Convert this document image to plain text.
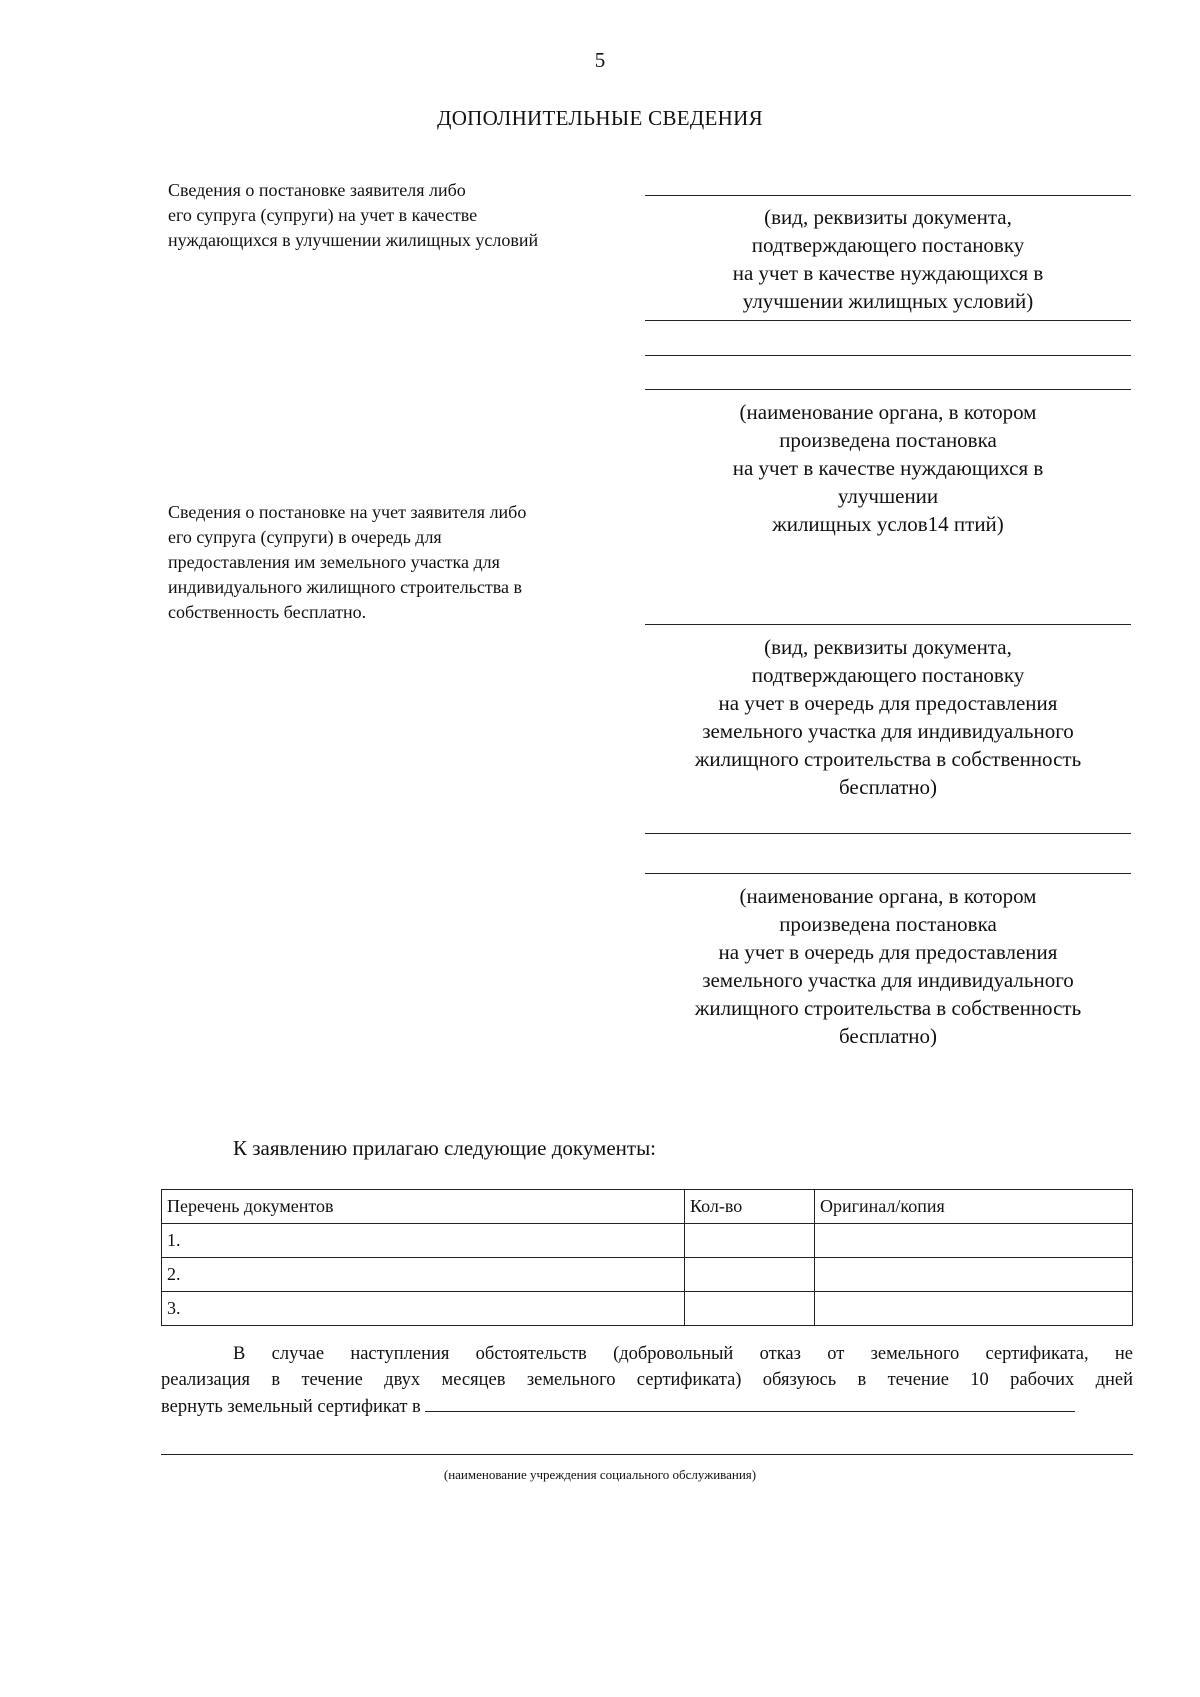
5
ДОПОЛНИТЕЛЬНЫЕ СВЕДЕНИЯ
Сведения о постановке заявителя либо
его супруга (супруги) на учет в качестве
нуждающихся в улучшении жилищных условий
(вид, реквизиты документа,
подтверждающего постановку
на учет в качестве нуждающихся в
улучшении жилищных условий)
(наименование органа, в котором
произведена постановка
на учет в качестве нуждающихся в
улучшении
жилищных услов14 птий)
Сведения о постановке на учет заявителя либо
его супруга (супруги) в очередь для
предоставления им земельного участка для
индивидуального жилищного строительства в
собственность бесплатно.
(вид, реквизиты документа,
подтверждающего постановку
на учет в очередь для предоставления
земельного участка для индивидуального
жилищного строительства в собственность
бесплатно)
(наименование органа, в котором
произведена постановка
на учет в очередь для предоставления
земельного участка для индивидуального
жилищного строительства в собственность
бесплатно)
К заявлению прилагаю следующие документы:
Перечень документов	Кол-во	Оригинал/копия
1.		
2.		
3.		
В случае наступления обстоятельств (добровольный отказ от земельного сертификата, не
реализация в течение двух месяцев земельного сертификата) обязуюсь в течение 10 рабочих дней
вернуть земельный сертификат в
(наименование учреждения социального обслуживания)
